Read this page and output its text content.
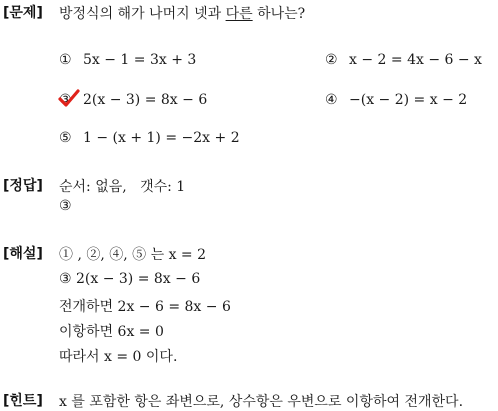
[문제] 방정식의 해가 나머지 넷과 다른 하나는?
① 5x − 1 = 3x + 3	② x − 2 = 4x − 6 − x
③ 2(x − 3) = 8x − 6	④ −(x − 2) = x − 2
⑤ 1 − (x + 1) = −2x + 2
[정답] 순서: 없음,   갯수: 1
③
[해설] ① , ②, ④, ⑤ 는 x = 2
③ 2(x − 3) = 8x − 6
전개하면 2x − 6 = 8x − 6
이항하면 6x = 0
따라서 x = 0 이다.
[힌트] x 를 포함한 항은 좌변으로, 상수항은 우변으로 이항하여 전개한다.
